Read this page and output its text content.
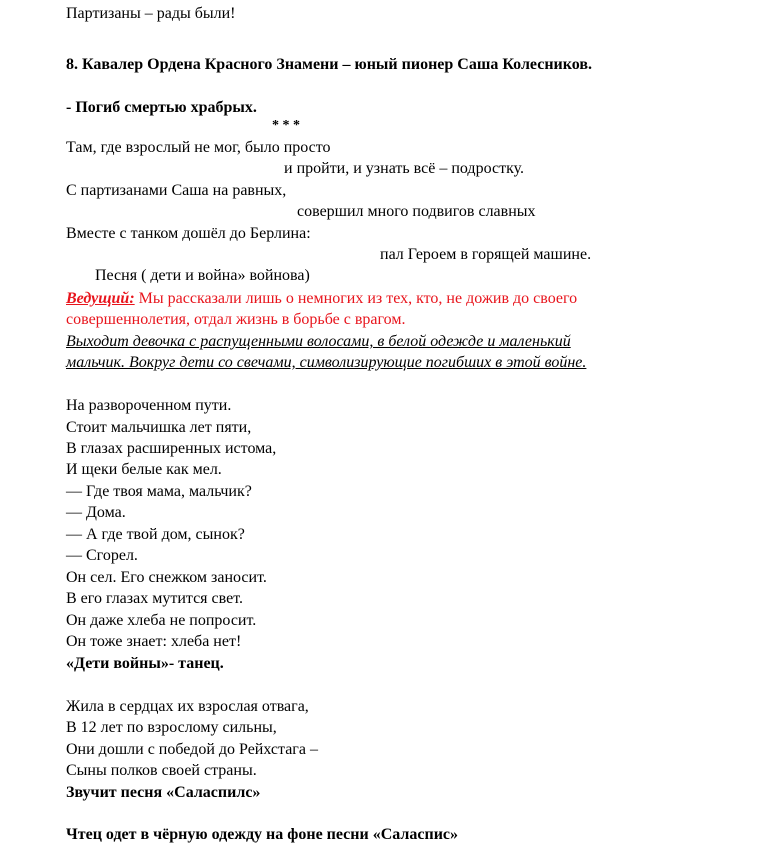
Партизаны – рады были!
8. Кавалер Ордена Красного Знамени – юный пионер Саша Колесников.
- Погиб смертью храбрых.
* * *
Там, где взрослый не мог, было просто
и пройти, и узнать всё – подростку.
С партизанами Саша на равных,
совершил много подвигов славных
Вместе с танком дошёл до Берлина:
пал Героем в горящей машине.
Песня ( дети и война» войнова)
Ведущий: Мы рассказали лишь о немногих из тех, кто, не дожив до своего
совершеннолетия, отдал жизнь в борьбе с врагом.
Выходит девочка с распущенными волосами, в белой одежде и маленький
мальчик. Вокруг дети со свечами, символизирующие погибших в этой войне.
На развороченном пути.
Стоит мальчишка лет пяти,
В глазах расширенных истома,
И щеки белые как мел.
— Где твоя мама, мальчик?
— Дома.
— А где твой дом, сынок?
— Сгорел.
Он сел. Его снежком заносит.
В его глазах мутится свет.
Он даже хлеба не попросит.
Он тоже знает: хлеба нет!
«Дети войны»- танец.
Жила в сердцах их взрослая отвага,
В 12 лет по взрослому сильны,
Они дошли с победой до Рейхстага –
Сыны полков своей страны.
Звучит песня «Саласпилс»
Чтец одет в чёрную одежду на фоне песни «Салаcпис»
